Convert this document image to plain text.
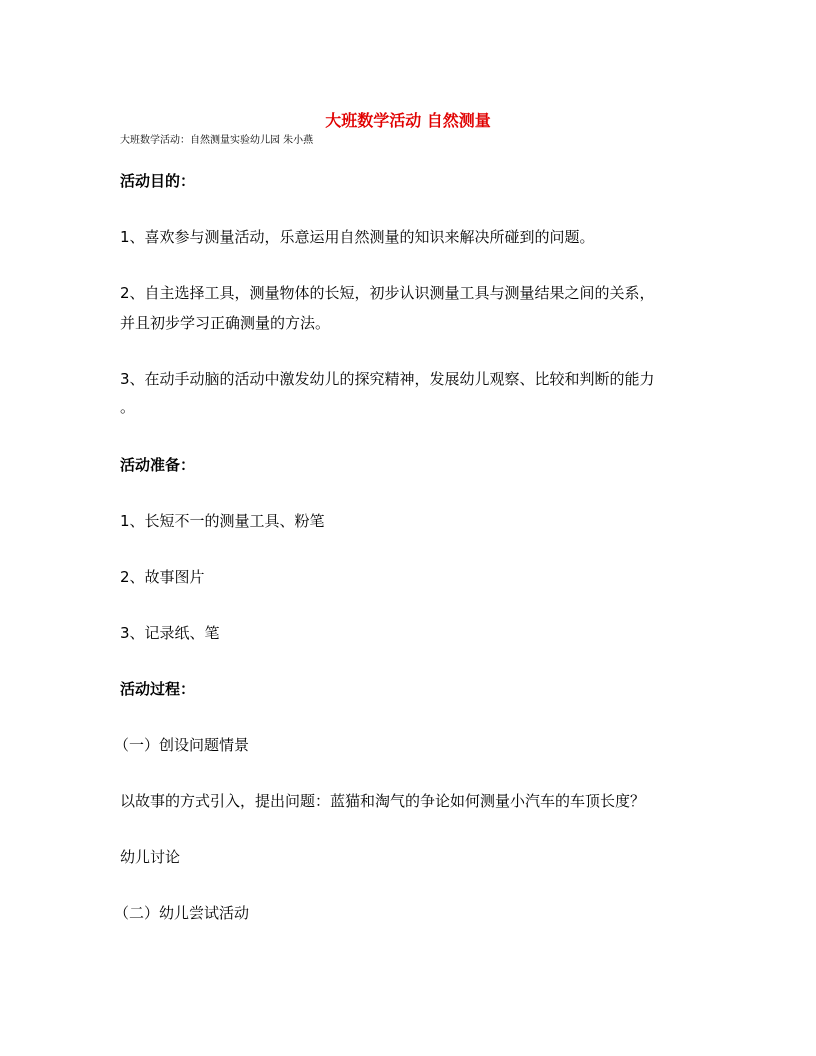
大班数学活动 自然测量
大班数学活动：自然测量实验幼儿园 朱小燕
活动目的：
1、喜欢参与测量活动，乐意运用自然测量的知识来解决所碰到的问题。
2、自主选择工具，测量物体的长短，初步认识测量工具与测量结果之间的关系，
并且初步学习正确测量的方法。
3、在动手动脑的活动中激发幼儿的探究精神，发展幼儿观察、比较和判断的能力
。
活动准备：
1、长短不一的测量工具、粉笔
2、故事图片
3、记录纸、笔
活动过程：
（一）创设问题情景
以故事的方式引入，提出问题：蓝猫和淘气的争论如何测量小汽车的车顶长度？
幼儿讨论
（二）幼儿尝试活动
